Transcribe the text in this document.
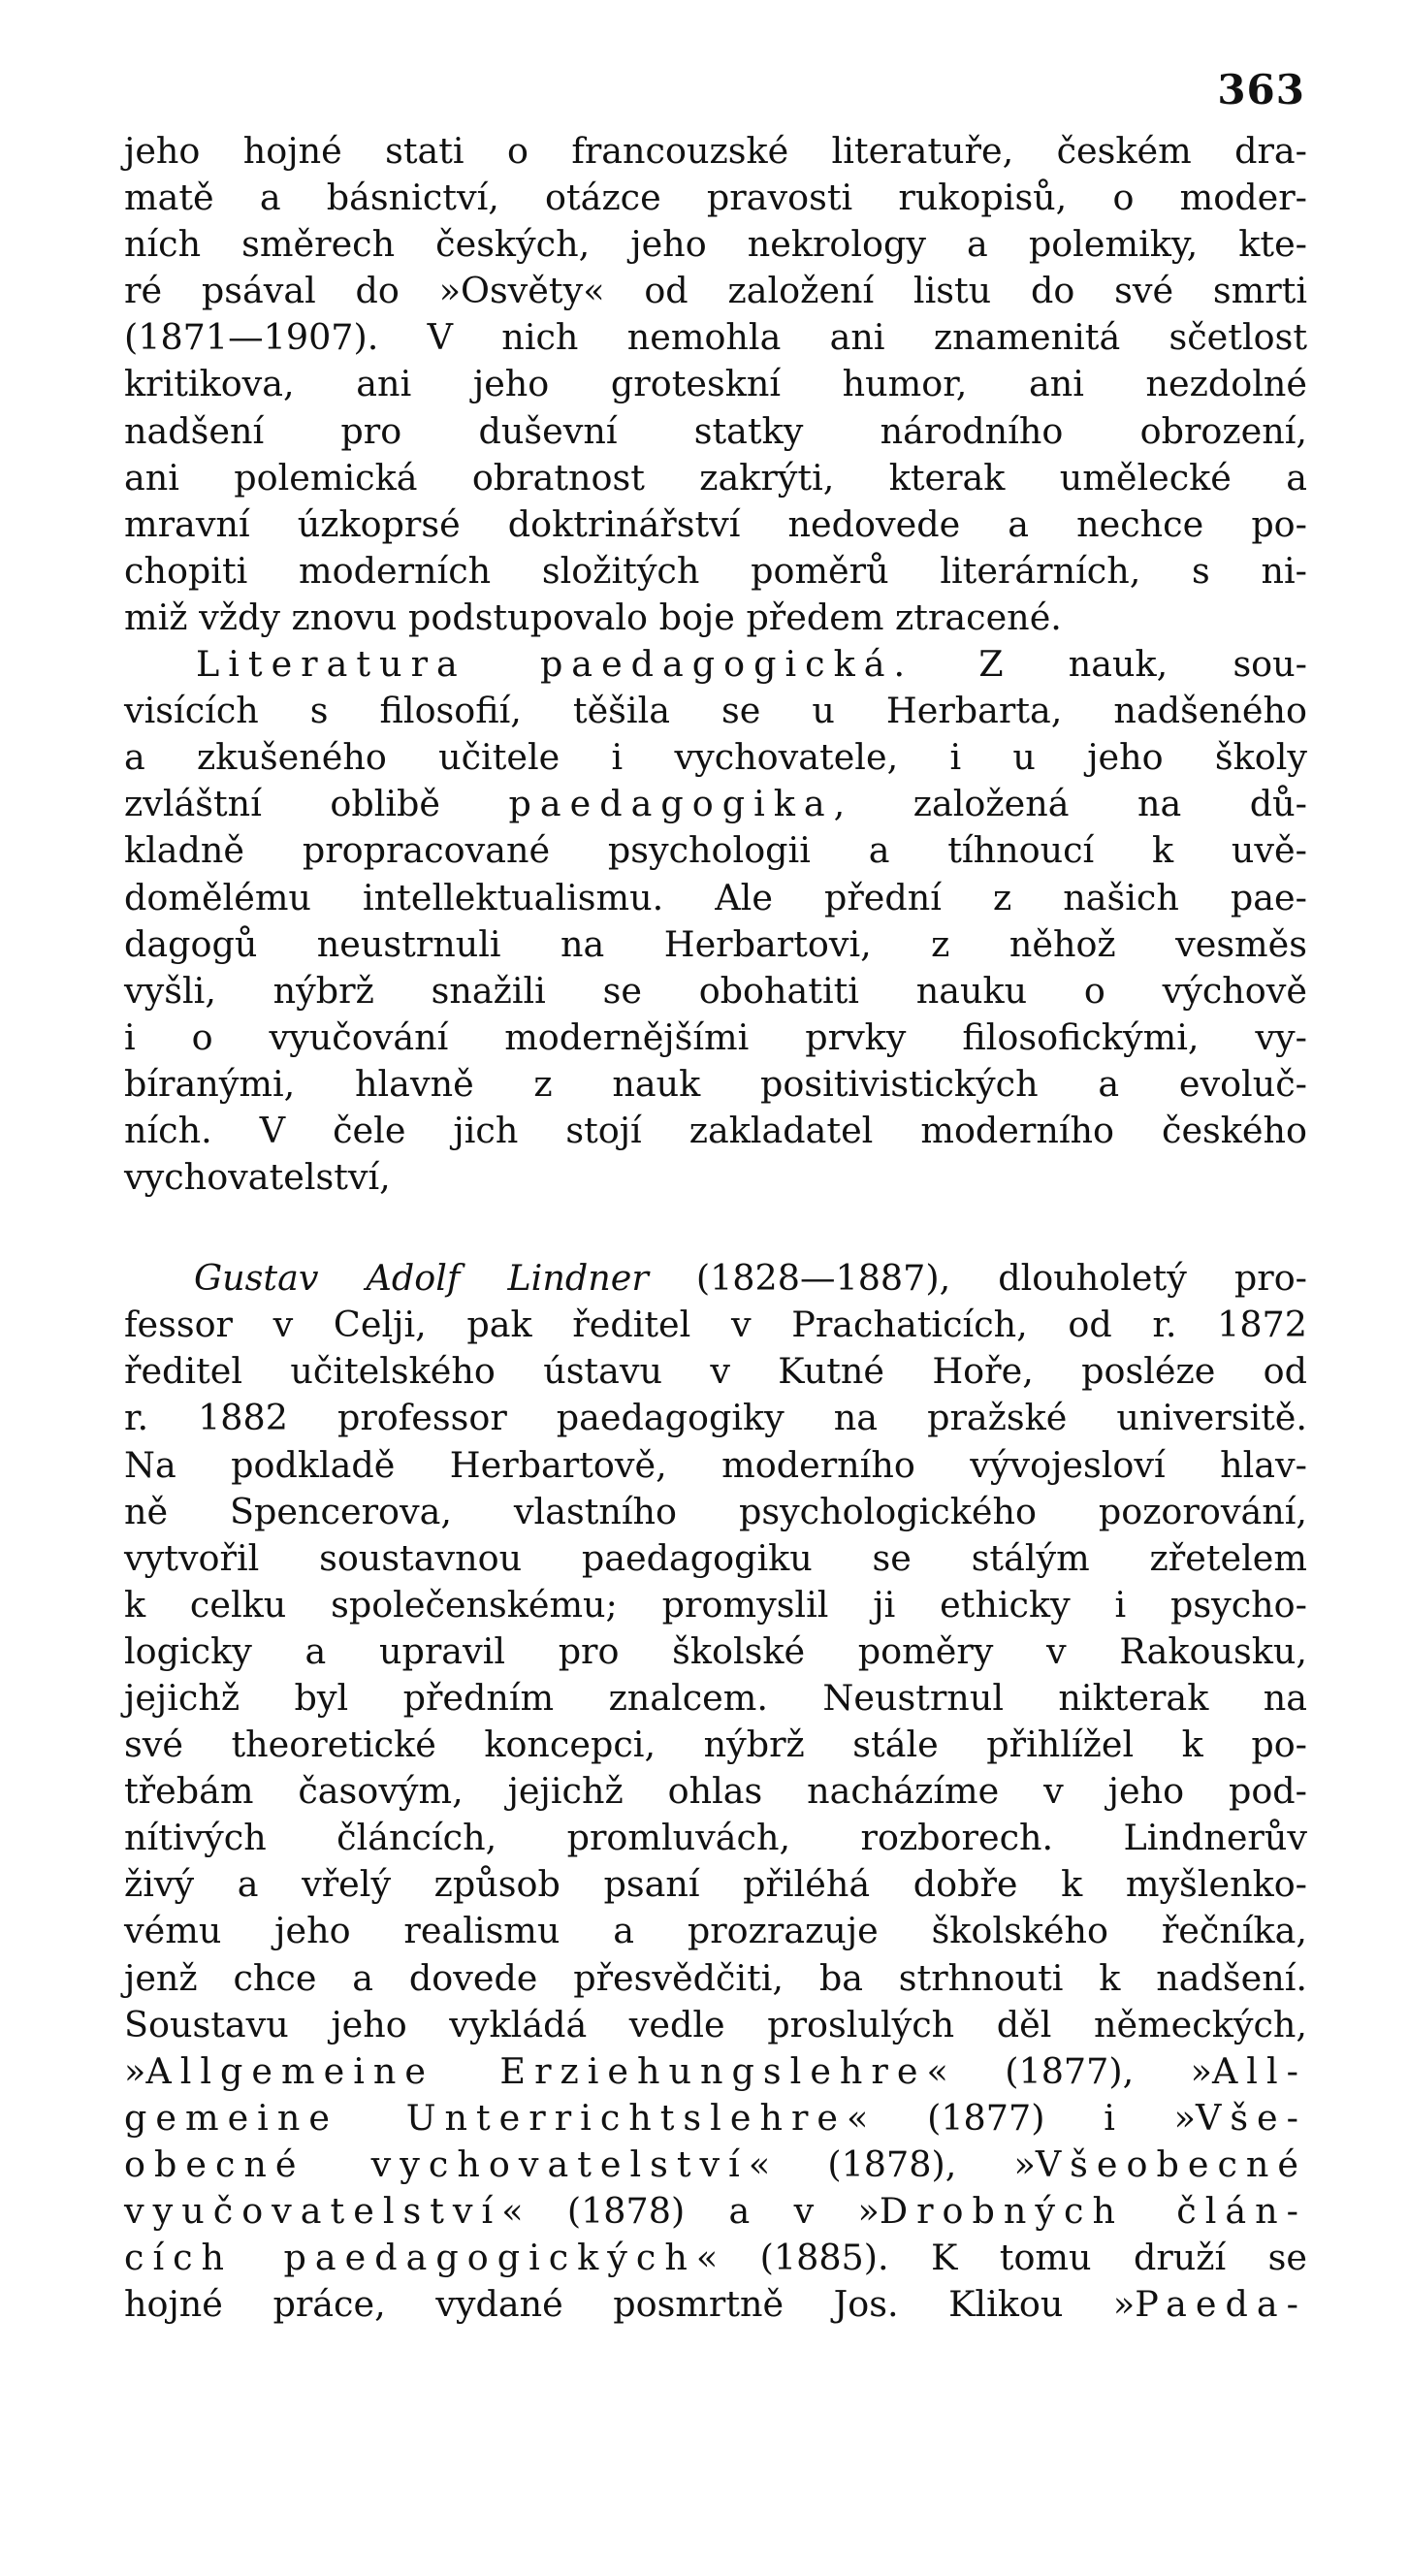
363
jeho hojné stati o francouzské literatuře, českém dra-
matě a básnictví, otázce pravosti rukopisů, o moder-
ních směrech českých, jeho nekrology a polemiky, kte-
ré psával do »Osvěty« od založení listu do své smrti
(1871—1907). V nich nemohla ani znamenitá sčetlost
kritikova, ani jeho groteskní humor, ani nezdolné
nadšení pro duševní statky národního obrození,
ani polemická obratnost zakrýti, kterak umělecké a
mravní úzkoprsé doktrinářství nedovede a nechce po-
chopiti moderních složitých poměrů literárních, s ni-
miž vždy znovu podstupovalo boje předem ztracené.
Literatura paedagogická. Z nauk, sou-
visících s filosofií, těšila se u Herbarta, nadšeného
a zkušeného učitele i vychovatele, i u jeho školy
zvláštní oblibě paedagogika, založená na dů-
kladně propracované psychologii a tíhnoucí k uvě-
domělému intellektualismu. Ale přední z našich pae-
dagogů neustrnuli na Herbartovi, z něhož vesměs
vyšli, nýbrž snažili se obohatiti nauku o výchově
i o vyučování modernějšími prvky filosofickými, vy-
bíranými, hlavně z nauk positivistických a evoluč-
ních. V čele jich stojí zakladatel moderního českého
vychovatelství,
Gustav Adolf Lindner (1828—1887), dlouholetý pro-
fessor v Celji, pak ředitel v Prachaticích, od r. 1872
ředitel učitelského ústavu v Kutné Hoře, posléze od
r. 1882 professor paedagogiky na pražské universitě.
Na podkladě Herbartově, moderního vývojesloví hlav-
ně Spencerova, vlastního psychologického pozorování,
vytvořil soustavnou paedagogiku se stálým zřetelem
k celku společenskému; promyslil ji ethicky i psycho-
logicky a upravil pro školské poměry v Rakousku,
jejichž byl předním znalcem. Neustrnul nikterak na
své theoretické koncepci, nýbrž stále přihlížel k po-
třebám časovým, jejichž ohlas nacházíme v jeho pod-
nítivých článcích, promluvách, rozborech. Lindnerův
živý a vřelý způsob psaní přiléhá dobře k myšlenko-
vému jeho realismu a prozrazuje školského řečníka,
jenž chce a dovede přesvědčiti, ba strhnouti k nadšení.
Soustavu jeho vykládá vedle proslulých děl německých,
»Allgemeine Erziehungslehre« (1877), »All-
gemeine Unterrichtslehre« (1877) i »Vše-
obecné vychovatelství« (1878), »Všeobecné
vyučovatelství« (1878) a v »Drobných člán-
cích paedagogických« (1885). K tomu druží se
hojné práce, vydané posmrtně Jos. Klikou »Paeda-
